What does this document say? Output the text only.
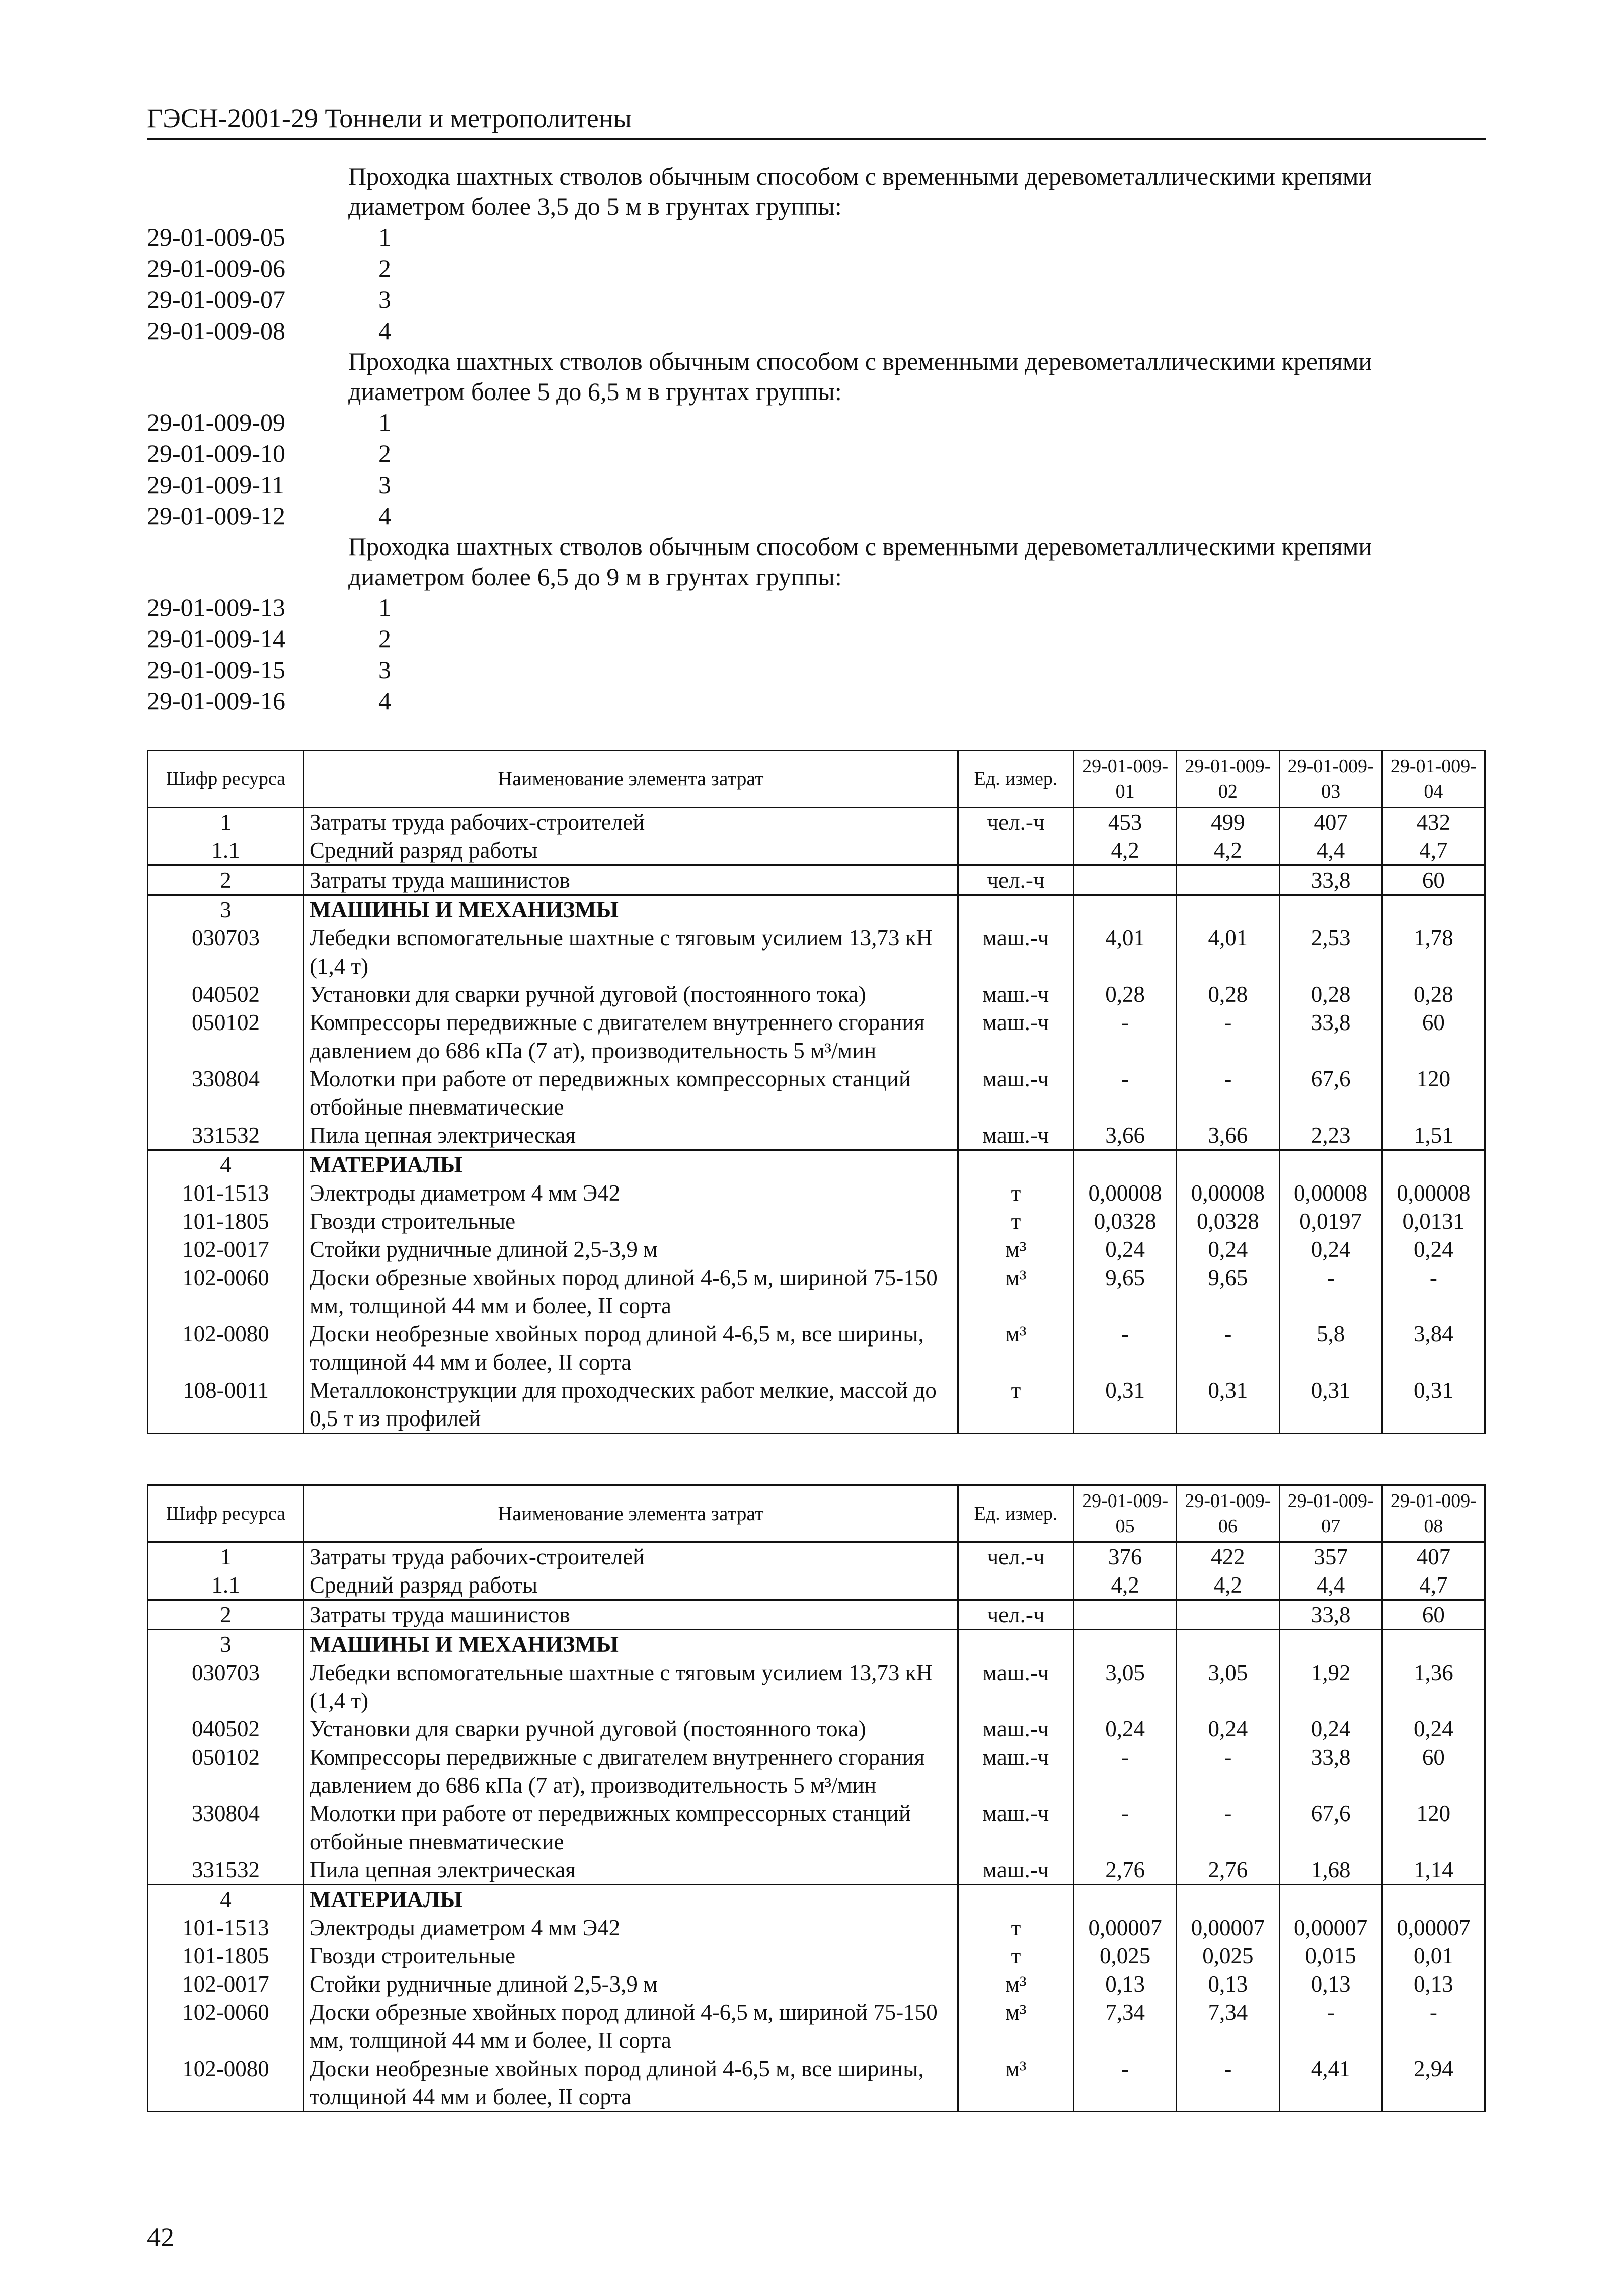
ГЭСН-2001-29 Тоннели и метрополитены
Проходка шахтных стволов обычным способом с временными деревометаллическими крепями диаметром более 3,5 до 5 м в грунтах группы:
29-01-009-05	1
29-01-009-06	2
29-01-009-07	3
29-01-009-08	4
Проходка шахтных стволов обычным способом с временными деревометаллическими крепями диаметром более 5 до 6,5 м в грунтах группы:
29-01-009-09	1
29-01-009-10	2
29-01-009-11	3
29-01-009-12	4
Проходка шахтных стволов обычным способом с временными деревометаллическими крепями диаметром более 6,5 до 9 м в грунтах группы:
29-01-009-13	1
29-01-009-14	2
29-01-009-15	3
29-01-009-16	4
Шифр ресурса	Наименование элемента затрат	Ед. измер.	29-01-009-01	29-01-009-02	29-01-009-03	29-01-009-04
1	Затраты труда рабочих-строителей	чел.-ч	453	499	407	432
1.1	Средний разряд работы		4,2	4,2	4,4	4,7
2	Затраты труда машинистов	чел.-ч			33,8	60
3	МАШИНЫ И МЕХАНИЗМЫ					
030703	Лебедки вспомогательные шахтные с тяговым усилием 13,73 кН (1,4 т)	маш.-ч	4,01	4,01	2,53	1,78
040502	Установки для сварки ручной дуговой (постоянного тока)	маш.-ч	0,28	0,28	0,28	0,28
050102	Компрессоры передвижные с двигателем внутреннего сгорания давлением до 686 кПа (7 ат), производительность 5 м³/мин	маш.-ч	-	-	33,8	60
330804	Молотки при работе от передвижных компрессорных станций отбойные пневматические	маш.-ч	-	-	67,6	120
331532	Пила цепная электрическая	маш.-ч	3,66	3,66	2,23	1,51
4	МАТЕРИАЛЫ					
101-1513	Электроды диаметром 4 мм Э42	т	0,00008	0,00008	0,00008	0,00008
101-1805	Гвозди строительные	т	0,0328	0,0328	0,0197	0,0131
102-0017	Стойки рудничные длиной 2,5-3,9 м	м³	0,24	0,24	0,24	0,24
102-0060	Доски обрезные хвойных пород длиной 4-6,5 м, шириной 75-150 мм, толщиной 44 мм и более, II сорта	м³	9,65	9,65	-	-
102-0080	Доски необрезные хвойных пород длиной 4-6,5 м, все ширины, толщиной 44 мм и более, II сорта	м³	-	-	5,8	3,84
108-0011	Металлоконструкции для проходческих работ мелкие, массой до 0,5 т из профилей	т	0,31	0,31	0,31	0,31
Шифр ресурса	Наименование элемента затрат	Ед. измер.	29-01-009-05	29-01-009-06	29-01-009-07	29-01-009-08
1	Затраты труда рабочих-строителей	чел.-ч	376	422	357	407
1.1	Средний разряд работы		4,2	4,2	4,4	4,7
2	Затраты труда машинистов	чел.-ч			33,8	60
3	МАШИНЫ И МЕХАНИЗМЫ					
030703	Лебедки вспомогательные шахтные с тяговым усилием 13,73 кН (1,4 т)	маш.-ч	3,05	3,05	1,92	1,36
040502	Установки для сварки ручной дуговой (постоянного тока)	маш.-ч	0,24	0,24	0,24	0,24
050102	Компрессоры передвижные с двигателем внутреннего сгорания давлением до 686 кПа (7 ат), производительность 5 м³/мин	маш.-ч	-	-	33,8	60
330804	Молотки при работе от передвижных компрессорных станций отбойные пневматические	маш.-ч	-	-	67,6	120
331532	Пила цепная электрическая	маш.-ч	2,76	2,76	1,68	1,14
4	МАТЕРИАЛЫ					
101-1513	Электроды диаметром 4 мм Э42	т	0,00007	0,00007	0,00007	0,00007
101-1805	Гвозди строительные	т	0,025	0,025	0,015	0,01
102-0017	Стойки рудничные длиной 2,5-3,9 м	м³	0,13	0,13	0,13	0,13
102-0060	Доски обрезные хвойных пород длиной 4-6,5 м, шириной 75-150 мм, толщиной 44 мм и более, II сорта	м³	7,34	7,34	-	-
102-0080	Доски необрезные хвойных пород длиной 4-6,5 м, все ширины, толщиной 44 мм и более, II сорта	м³	-	-	4,41	2,94
42
